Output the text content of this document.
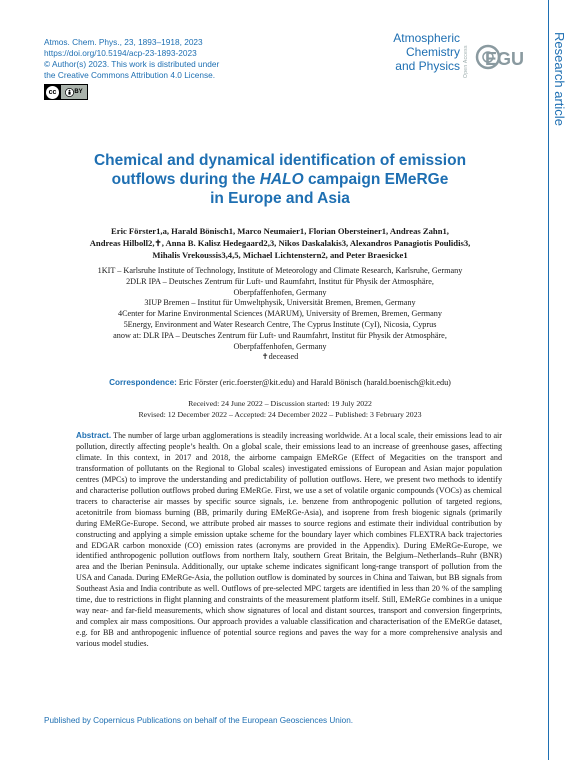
Atmos. Chem. Phys., 23, 1893–1918, 2023
https://doi.org/10.5194/acp-23-1893-2023
© Author(s) 2023. This work is distributed under
the Creative Commons Attribution 4.0 License.
cc	BY
Atmospheric
Chemistry
and Physics Open Access EGU Research article
Chemical and dynamical identification of emission
outflows during the HALO campaign EMeRGe
in Europe and Asia
Eric Förster1,a, Harald Bönisch1, Marco Neumaier1, Florian Obersteiner1, Andreas Zahn1,
Andreas Hilboll2,✝, Anna B. Kalisz Hedegaard2,3, Nikos Daskalakis3, Alexandros Panagiotis Poulidis3,
Mihalis Vrekoussis3,4,5, Michael Lichtenstern2, and Peter Braesicke1
1KIT – Karlsruhe Institute of Technology, Institute of Meteorology and Climate Research, Karlsruhe, Germany
2DLR IPA – Deutsches Zentrum für Luft- und Raumfahrt, Institut für Physik der Atmosphäre,
Oberpfaffenhofen, Germany
3IUP Bremen – Institut für Umweltphysik, Universität Bremen, Bremen, Germany
4Center for Marine Environmental Sciences (MARUM), University of Bremen, Bremen, Germany
5Energy, Environment and Water Research Centre, The Cyprus Institute (CyI), Nicosia, Cyprus
anow at: DLR IPA – Deutsches Zentrum für Luft- und Raumfahrt, Institut für Physik der Atmosphäre,
Oberpfaffenhofen, Germany
✝deceased
Correspondence: Eric Förster (eric.foerster@kit.edu) and Harald Bönisch (harald.boenisch@kit.edu)
Received: 24 June 2022 – Discussion started: 19 July 2022
Revised: 12 December 2022 – Accepted: 24 December 2022 – Published: 3 February 2023
Abstract. The number of large urban agglomerations is steadily increasing worldwide. At a local scale, their emissions lead to air pollution, directly affecting people’s health. On a global scale, their emissions lead to an increase of greenhouse gases, affecting climate. In this context, in 2017 and 2018, the airborne campaign EMeRGe (Effect of Megacities on the transport and transformation of pollutants on the Regional to Global scales) investigated emissions of European and Asian major population centres (MPCs) to improve the understanding and predictability of pollution outflows. Here, we present two methods to identify and characterise pollution outflows probed during EMeRGe. First, we use a set of volatile organic compounds (VOCs) as chemical tracers to characterise air masses by specific source signals, i.e. benzene from anthropogenic pollution of targeted regions, acetonitrile from biomass burning (BB, primarily during EMeRGe-Asia), and isoprene from fresh biogenic signals (primarily during EMeRGe-Europe. Second, we attribute probed air masses to source regions and estimate their individual contribution by constructing and applying a simple emission uptake scheme for the boundary layer which combines FLEXTRA back trajectories and EDGAR carbon monoxide (CO) emission rates (acronyms are provided in the Appendix). During EMeRGe-Europe, we identified anthropogenic pollution outflows from northern Italy, southern Great Britain, the Belgium–Netherlands–Ruhr (BNR) area and the Iberian Peninsula. Additionally, our uptake scheme indicates significant long-range transport of pollution from the USA and Canada. During EMeRGe-Asia, the pollution outflow is dominated by sources in China and Taiwan, but BB signals from Southeast Asia and India contribute as well. Outflows of pre-selected MPC targets are identified in less than 20 % of the sampling time, due to restrictions in flight planning and constraints of the measurement platform itself. Still, EMeRGe combines in a unique way near- and far-field measurements, which show signatures of local and distant sources, transport and conversion fingerprints, and complex air mass compositions. Our approach provides a valuable classification and characterisation of the EMeRGe dataset, e.g. for BB and anthropogenic influence of potential source regions and paves the way for a more comprehensive analysis and various model studies.
Published by Copernicus Publications on behalf of the European Geosciences Union.
